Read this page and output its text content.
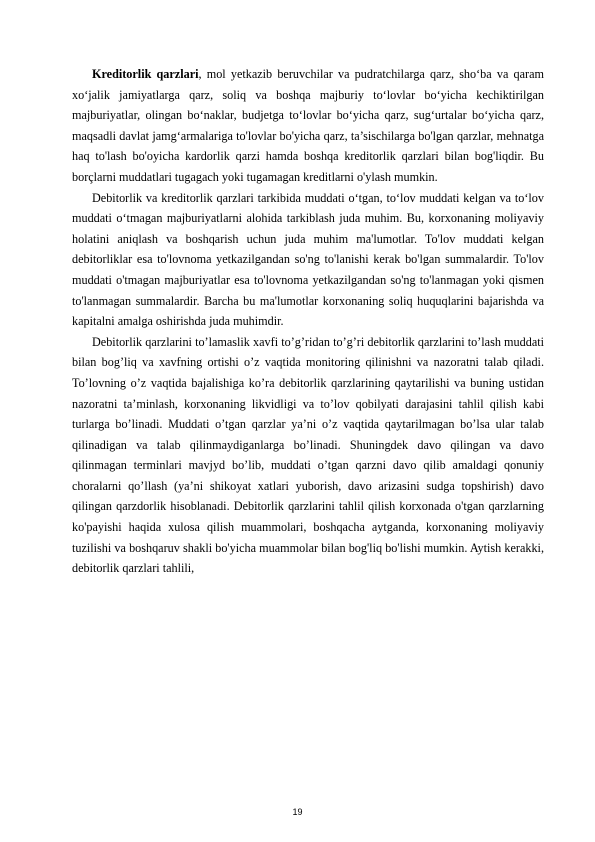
Kreditorlik qarzlari, mol yetkazib beruvchilar va pudratchilarga qarz, sho‘ba va qaram xo‘jalik jamiyatlarga qarz, soliq va boshqa majburiy to‘lovlar bo‘yicha kechiktirilgan majburiyatlar, olingan bo‘naklar, budjetga to‘lovlar bo‘yicha qarz, sug‘urtalar bo‘yicha qarz, maqsadli davlat jamg‘armalariga to'lovlar bo'yicha qarz, ta’sischilarga bo'lgan qarzlar, mehnatga haq to'lash bo'oyicha kardorlik qarzi hamda boshqa kreditorlik qarzlari bilan bog'liqdir. Bu borçlarni muddatlari tugagach yoki tugamagan kreditlarni o'ylash mumkin.

Debitorlik va kreditorlik qarzlari tarkibida muddati o‘tgan, to‘lov muddati kelgan va to‘lov muddati o‘tmagan majburiyatlarni alohida tarkiblash juda muhim. Bu, korxonaning moliyaviy holatini aniqlash va boshqarish uchun juda muhim ma'lumotlar. To'lov muddati kelgan debitorliklar esa to'lovnoma yetkazilgandan so'ng to'lanishi kerak bo'lgan summalardir. To'lov muddati o'tmagan majburiyatlar esa to'lovnoma yetkazilgandan so'ng to'lanmagan yoki qismen to'lanmagan summalardir. Barcha bu ma'lumotlar korxonaning soliq huquqlarini bajarishda va kapitalni amalga oshirishda juda muhimdir.

Debitorlik qarzlarini to’lamaslik xavfi to’g’ridan to’g’ri debitorlik qarzlarini to’lash muddati bilan bog’liq va xavfning ortishi o’z vaqtida monitoring qilinishni va nazoratni talab qiladi. To’lovning o’z vaqtida bajalishiga ko’ra debitorlik qarzlarining qaytarilishi va buning ustidan nazoratni ta’minlash, korxonaning likvidligi va to’lov qobilyati darajasini tahlil qilish kabi turlarga bo’linadi. Muddati o’tgan qarzlar ya’ni o’z vaqtida qaytarilmagan bo’lsa ular talab qilinadigan va talab qilinmaydiganlarga bo’linadi. Shuningdek davo qilingan va davo qilinmagan terminlari mavjyd bo’lib, muddati o’tgan qarzni davo qilib amaldagi qonuniy choralarni qo’llash (ya’ni shikoyat xatlari yuborish, davo arizasini sudga topshirish) davo qilingan qarzdorlik hisoblanadi. Debitorlik qarzlarini tahlil qilish korxonada o'tgan qarzlarning ko'payishi haqida xulosa qilish muammolari, boshqacha aytganda, korxonaning moliyaviy tuzilishi va boshqaruv shakli bo'yicha muammolar bilan bog'liq bo'lishi mumkin. Aytish kerakki, debitorlik qarzlari tahlili,

19
